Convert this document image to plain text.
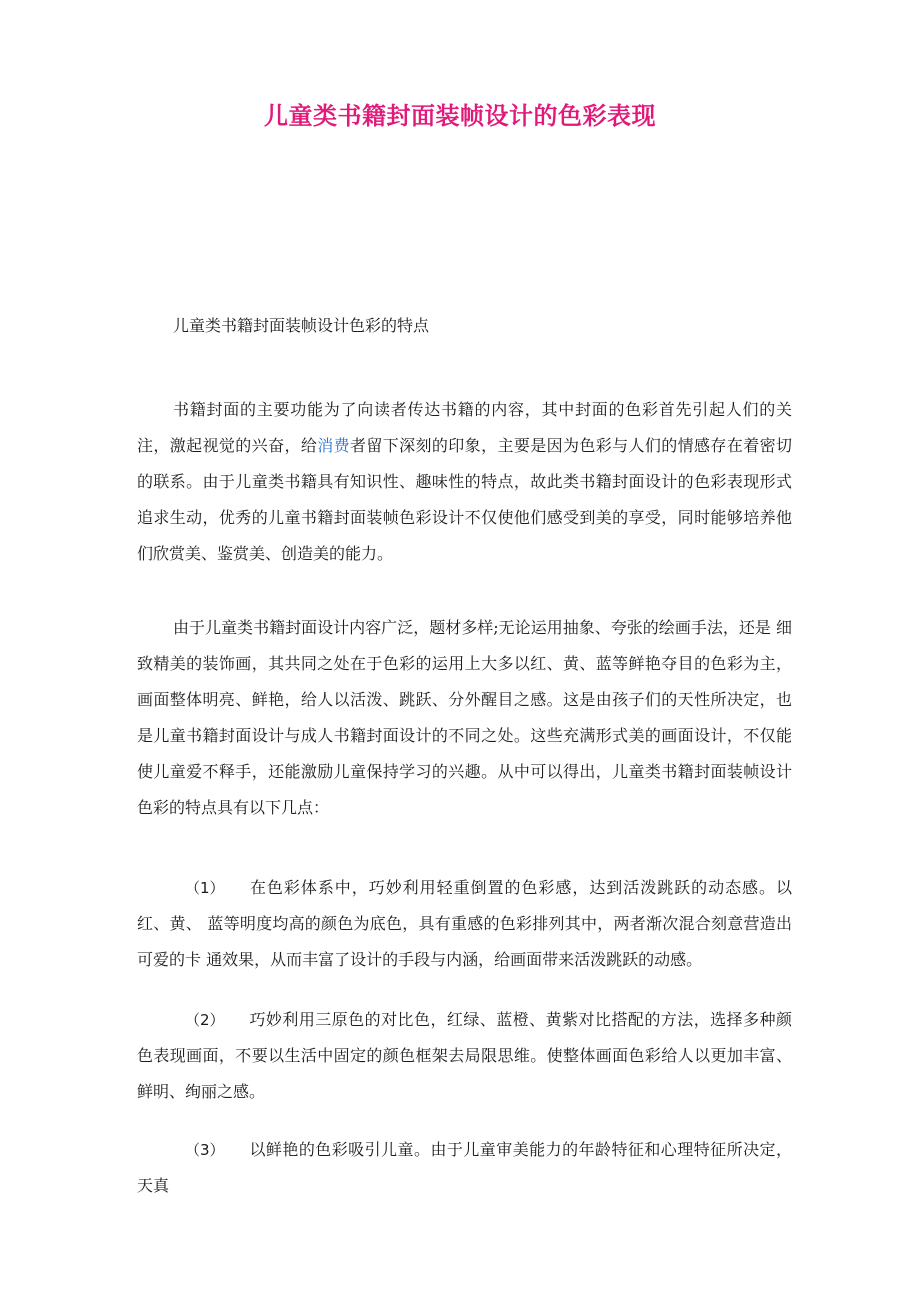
儿童类书籍封面装帧设计的色彩表现
儿童类书籍封面装帧设计色彩的特点
书籍封面的主要功能为了向读者传达书籍的内容，其中封面的色彩首先引起人们的关 注，激起视觉的兴奋，给消费者留下深刻的印象，主要是因为色彩与人们的情感存在着密切 的联系。由于儿童类书籍具有知识性、趣味性的特点，故此类书籍封面设计的色彩表现形式 追求生动，优秀的儿童书籍封面装帧色彩设计不仅使他们感受到美的享受，同时能够培养他 们欣赏美、鉴赏美、创造美的能力。
由于儿童类书籍封面设计内容广泛，题材多样;无论运用抽象、夸张的绘画手法，还是 细致精美的装饰画，其共同之处在于色彩的运用上大多以红、黄、蓝等鲜艳夺目的色彩为主， 画面整体明亮、鲜艳，给人以活泼、跳跃、分外醒目之感。这是由孩子们的天性所决定，也 是儿童书籍封面设计与成人书籍封面设计的不同之处。这些充满形式美的画面设计，不仅能 使儿童爱不释手，还能激励儿童保持学习的兴趣。从中可以得出，儿童类书籍封面装帧设计 色彩的特点具有以下几点：
（1） 在色彩体系中，巧妙利用轻重倒置的色彩感，达到活泼跳跃的动态感。以红、黄、 蓝等明度均高的颜色为底色，具有重感的色彩排列其中，两者渐次混合刻意营造出可爱的卡 通效果，从而丰富了设计的手段与内涵，给画面带来活泼跳跃的动感。
（2） 巧妙利用三原色的对比色，红绿、蓝橙、黄紫对比搭配的方法，选择多种颜色表现画面，不要以生活中固定的颜色框架去局限思维。使整体画面色彩给人以更加丰富、鲜明、绚丽之感。
（3） 以鲜艳的色彩吸引儿童。由于儿童审美能力的年龄特征和心理特征所决定，天真
